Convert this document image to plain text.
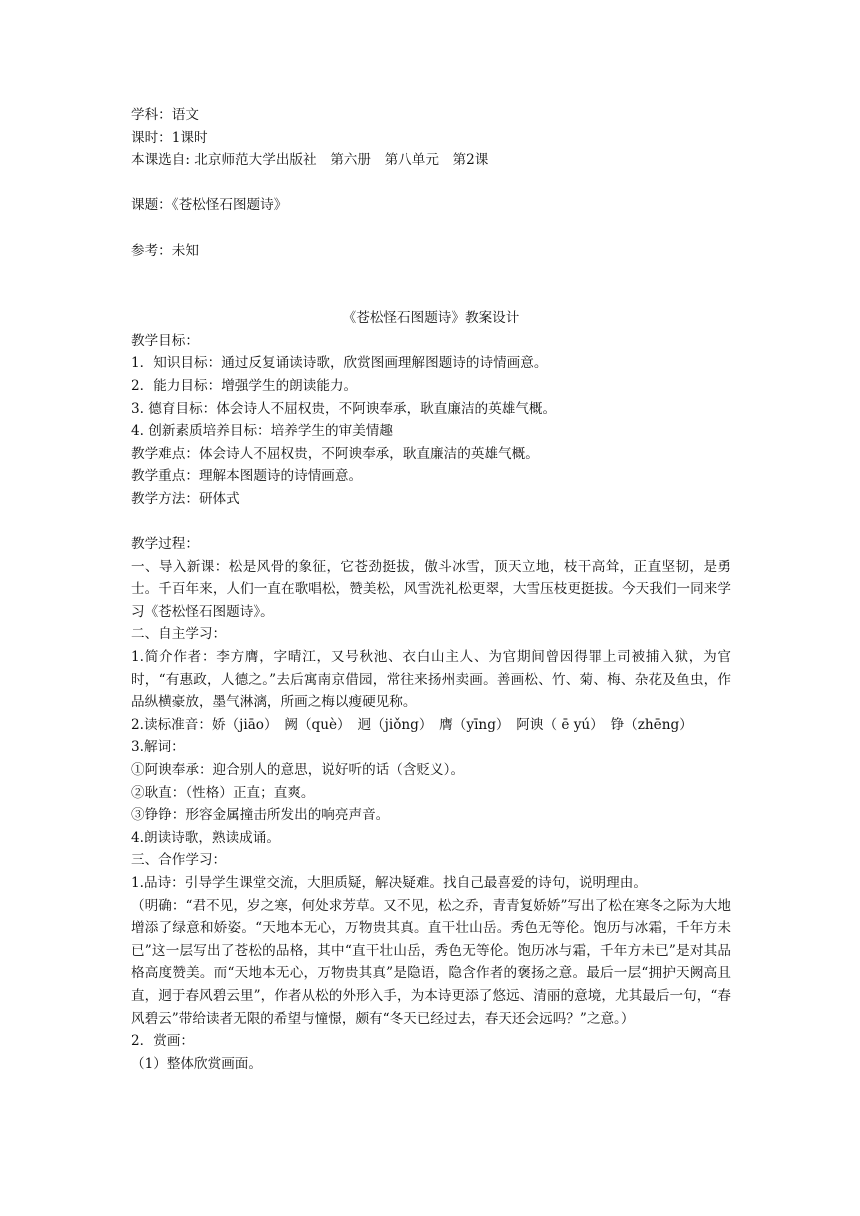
学科：语文
课时：1课时
本课选自: 北京师范大学出版社　第六册　第八单元　第2课
课题：《苍松怪石图题诗》
参考：未知
《苍松怪石图题诗》教案设计
教学目标：
1．知识目标：通过反复诵读诗歌，欣赏图画理解图题诗的诗情画意。
2．能力目标：增强学生的朗读能力。
3. 德育目标：体会诗人不屈权贵，不阿谀奉承，耿直廉洁的英雄气概。
4. 创新素质培养目标：培养学生的审美情趣
教学难点：体会诗人不屈权贵，不阿谀奉承，耿直廉洁的英雄气概。
教学重点：理解本图题诗的诗情画意。
教学方法：研体式
教学过程：
一、导入新课：松是风骨的象征，它苍劲挺拔，傲斗冰雪，顶天立地，枝干高耸，正直坚韧，是勇士。千百年来，人们一直在歌唱松，赞美松，风雪洗礼松更翠，大雪压枝更挺拔。今天我们一同来学习《苍松怪石图题诗》。
二、自主学习：
1.简介作者：李方膺，字晴江，又号秋池、衣白山主人、为官期间曾因得罪上司被捕入狱，为官时，“有惠政，人德之。”去后寓南京借园，常往来扬州卖画。善画松、竹、菊、梅、杂花及鱼虫，作品纵横豪放，墨气淋漓，所画之梅以瘦硬见称。
2.读标准音：娇（jiāo）　阙（què）　迥（jiǒng）　膺（yīng）　阿谀（ ē yú）　铮（zhēng）
3.解词：
①阿谀奉承：迎合别人的意思，说好听的话（含贬义）。
②耿直：（性格）正直；直爽。
③铮铮：形容金属撞击所发出的响亮声音。
4.朗读诗歌，熟读成诵。
三、合作学习：
1.品诗：引导学生课堂交流，大胆质疑，解决疑难。找自己最喜爱的诗句，说明理由。
（明确：“君不见，岁之寒，何处求芳草。又不见，松之乔，青青复娇娇”写出了松在寒冬之际为大地增添了绿意和娇姿。“天地本无心，万物贵其真。直干壮山岳。秀色无等伦。饱历与冰霜，千年方未已”这一层写出了苍松的品格，其中“直干壮山岳，秀色无等伦。饱历冰与霜，千年方未已”是对其品格高度赞美。而“天地本无心，万物贵其真”是隐语，隐含作者的褒扬之意。最后一层“拥护天阙高且直，迥于春风碧云里”，作者从松的外形入手，为本诗更添了悠远、清丽的意境，尤其最后一句，“春风碧云”带给读者无限的希望与憧憬，颇有“冬天已经过去，春天还会远吗？”之意。）
2．赏画：
（1）整体欣赏画面。
